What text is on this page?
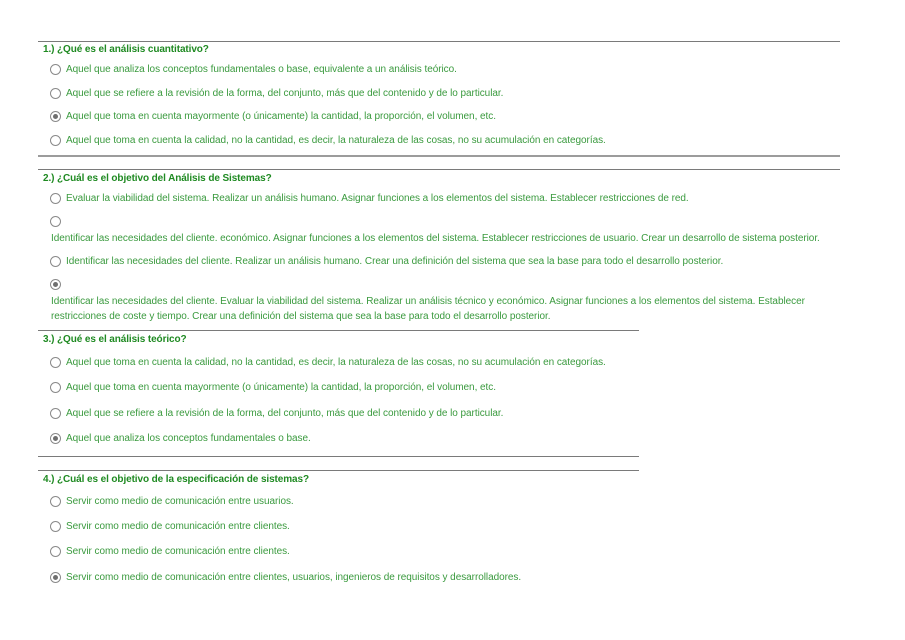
1.) ¿Qué es el análisis cuantitativo?
Aquel que analiza los conceptos fundamentales o base, equivalente a un análisis teórico.
Aquel que se refiere a la revisión de la forma, del conjunto, más que del contenido y de lo particular.
Aquel que toma en cuenta mayormente (o únicamente) la cantidad, la proporción, el volumen, etc.
Aquel que toma en cuenta la calidad, no la cantidad, es decir, la naturaleza de las cosas, no su acumulación en categorías.
2.) ¿Cuál es el objetivo del Análisis de Sistemas?
Evaluar la viabilidad del sistema. Realizar un análisis humano. Asignar funciones a los elementos del sistema. Establecer restricciones de red.
Identificar las necesidades del cliente. económico. Asignar funciones a los elementos del sistema. Establecer restricciones de usuario. Crear un desarrollo de sistema posterior.
Identificar las necesidades del cliente. Realizar un análisis humano. Crear una definición del sistema que sea la base para todo el desarrollo posterior.
Identificar las necesidades del cliente. Evaluar la viabilidad del sistema. Realizar un análisis técnico y económico. Asignar funciones a los elementos del sistema. Establecer restricciones de coste y tiempo. Crear una definición del sistema que sea la base para todo el desarrollo posterior.
3.) ¿Qué es el análisis teórico?
Aquel que toma en cuenta la calidad, no la cantidad, es decir, la naturaleza de las cosas, no su acumulación en categorías.
Aquel que toma en cuenta mayormente (o únicamente) la cantidad, la proporción, el volumen, etc.
Aquel que se refiere a la revisión de la forma, del conjunto, más que del contenido y de lo particular.
Aquel que analiza los conceptos fundamentales o base.
4.) ¿Cuál es el objetivo de la especificación de sistemas?
Servir como medio de comunicación entre usuarios.
Servir como medio de comunicación entre clientes.
Servir como medio de comunicación entre clientes.
Servir como medio de comunicación entre clientes, usuarios, ingenieros de requisitos y desarrolladores.
